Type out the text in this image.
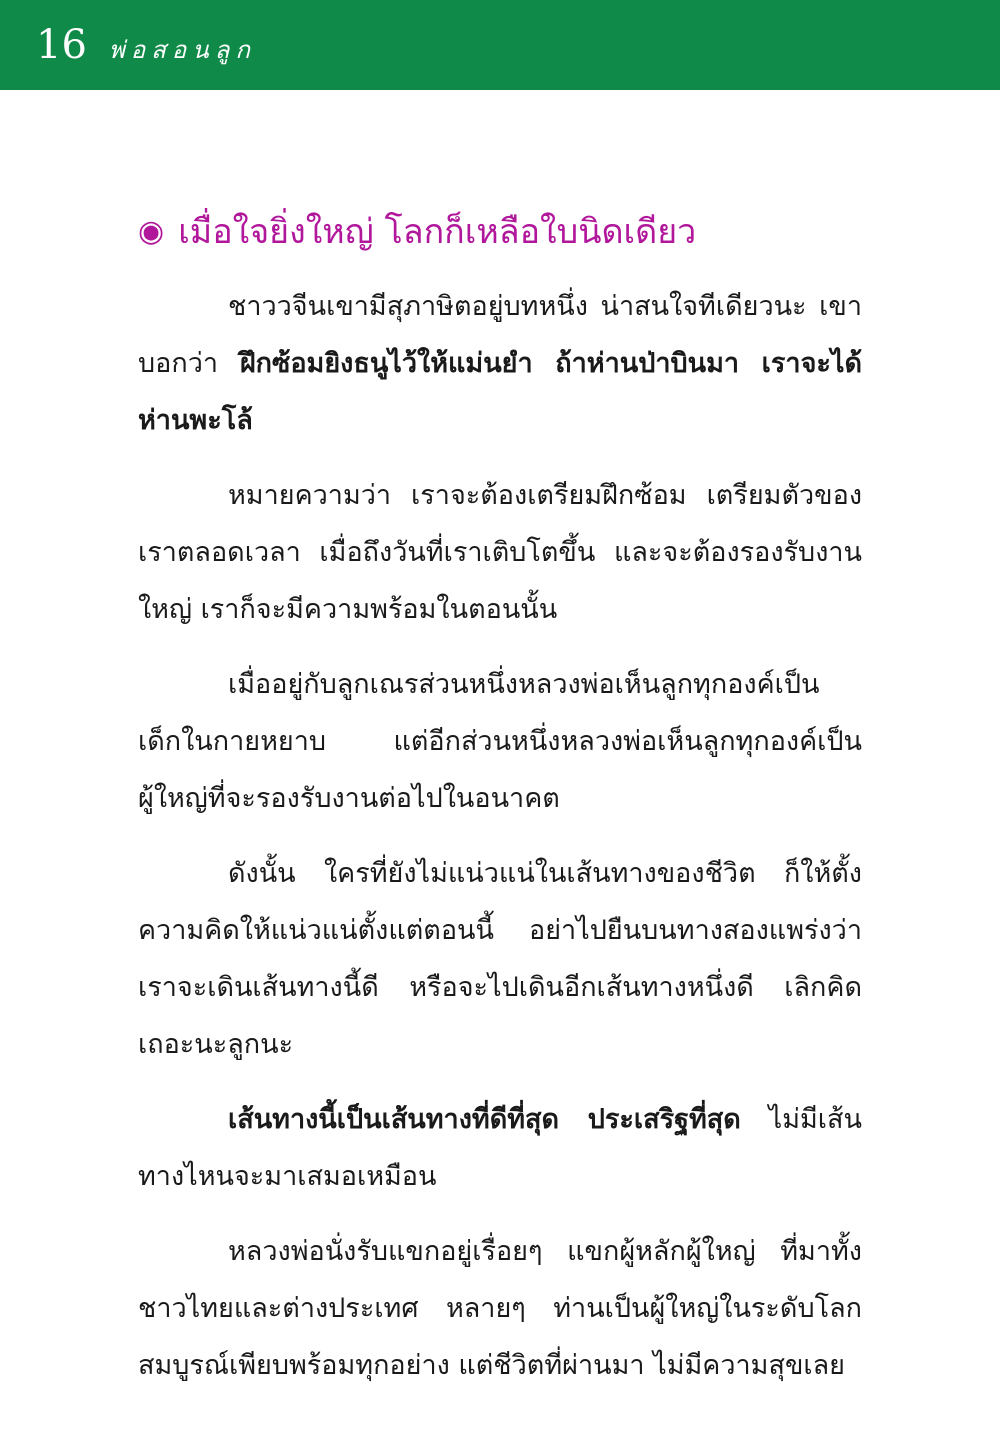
16 พ่อสอนลูก
◉ เมื่อใจยิ่งใหญ่ โลกก็เหลือใบนิดเดียว

ชาววจีนเขามีสุภาษิตอยู่บทหนึ่ง น่าสนใจทีเดียวนะ เขาบอกว่า ฝึกซ้อมยิงธนูไว้ให้แม่นยำ ถ้าห่านป่าบินมา เราจะได้ห่านพะโล้

หมายความว่า เราจะต้องเตรียมฝึกซ้อม เตรียมตัวของเราตลอดเวลา เมื่อถึงวันที่เราเติบโตขึ้น และจะต้องรองรับงานใหญ่ เราก็จะมีความพร้อมในตอนนั้น

เมื่ออยู่กับลูกเณรส่วนหนึ่งหลวงพ่อเห็นลูกทุกองค์เป็นเด็กในกายหยาบ แต่อีกส่วนหนึ่งหลวงพ่อเห็นลูกทุกองค์เป็นผู้ใหญ่ที่จะรองรับงานต่อไปในอนาคต

ดังนั้น ใครที่ยังไม่แน่วแน่ในเส้นทางของชีวิต ก็ให้ตั้งความคิดให้แน่วแน่ตั้งแต่ตอนนี้ อย่าไปยืนบนทางสองแพร่งว่า เราจะเดินเส้นทางนี้ดี หรือจะไปเดินอีกเส้นทางหนึ่งดี เลิกคิดเถอะนะลูกนะ

เส้นทางนี้เป็นเส้นทางที่ดีที่สุด ประเสริฐที่สุด ไม่มีเส้นทางไหนจะมาเสมอเหมือน

หลวงพ่อนั่งรับแขกอยู่เรื่อยๆ แขกผู้หลักผู้ใหญ่ ที่มาทั้งชาวไทยและต่างประเทศ หลายๆ ท่านเป็นผู้ใหญ่ในระดับโลก สมบูรณ์เพียบพร้อมทุกอย่าง แต่ชีวิตที่ผ่านมา ไม่มีความสุขเลย
